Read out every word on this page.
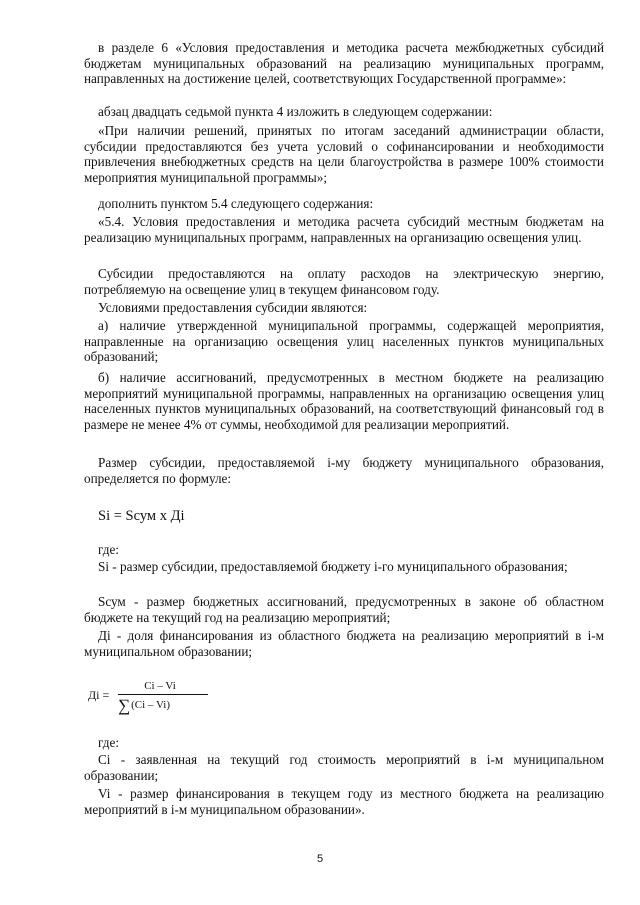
в разделе 6 «Условия предоставления и методика расчета межбюджетных субсидий бюджетам муниципальных образований на реализацию муниципальных программ, направленных на достижение целей, соответствующих Государственной программе»:

абзац двадцать седьмой пункта 4 изложить в следующем содержании:

«При наличии решений, принятых по итогам заседаний администрации области, субсидии предоставляются без учета условий о софинансировании и необходимости привлечения внебюджетных средств на цели благоустройства в размере 100% стоимости мероприятия муниципальной программы»;

дополнить пунктом 5.4 следующего содержания:

«5.4. Условия предоставления и методика расчета субсидий местным бюджетам на реализацию муниципальных программ, направленных на организацию освещения улиц.

Субсидии предоставляются на оплату расходов на электрическую энергию, потребляемую на освещение улиц в текущем финансовом году.

Условиями предоставления субсидии являются:

а) наличие утвержденной муниципальной программы, содержащей мероприятия, направленные на организацию освещения улиц населенных пунктов муниципальных образований;

б) наличие ассигнований, предусмотренных в местном бюджете на реализацию мероприятий муниципальной программы, направленных на организацию освещения улиц населенных пунктов муниципальных образований, на соответствующий финансовый год в размере не менее 4% от суммы, необходимой для реализации мероприятий.

Размер субсидии, предоставляемой i-му бюджету муниципального образования, определяется по формуле:

Si = Sсум х Дi

где:

Si - размер субсидии, предоставляемой бюджету i-го муниципального образования;

Sсум - размер бюджетных ассигнований, предусмотренных в законе об областном бюджете на текущий год на реализацию мероприятий;

Дi - доля финансирования из областного бюджета на реализацию мероприятий в i-м муниципальном образовании;

Дi =
Ci – Vi
∑(Ci – Vi)

где:

Ci - заявленная на текущий год стоимость мероприятий в i-м муниципальном образовании;

Vi - размер финансирования в текущем году из местного бюджета на реализацию мероприятий в i-м муниципальном образовании».

5
